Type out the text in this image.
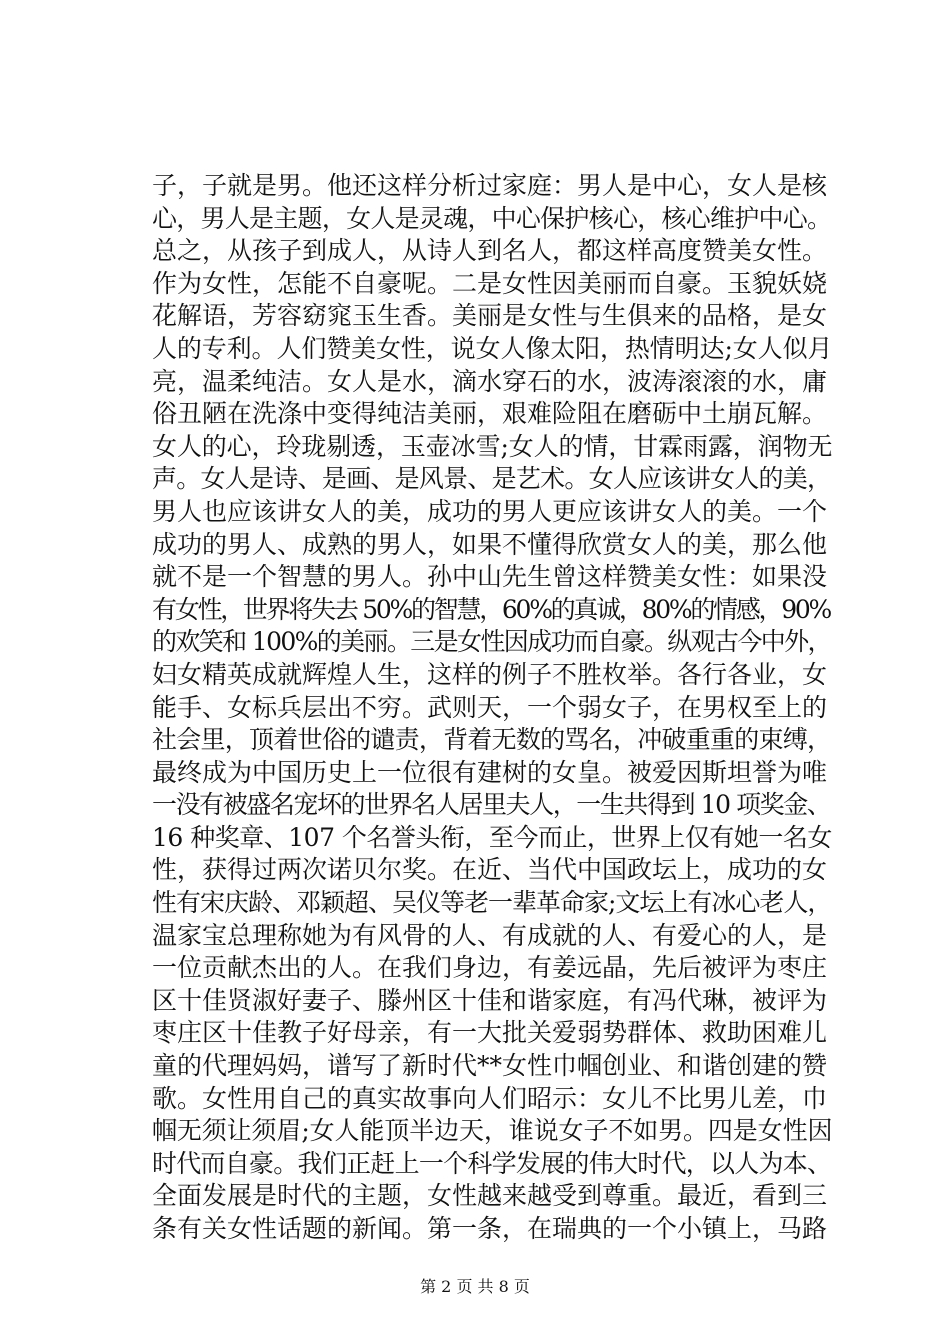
子，子就是男。他还这样分析过家庭：男人是中心，女人是核
心，男人是主题，女人是灵魂，中心保护核心，核心维护中心。
总之，从孩子到成人，从诗人到名人，都这样高度赞美女性。
作为女性，怎能不自豪呢。二是女性因美丽而自豪。玉貌妖娆
花解语，芳容窈窕玉生香。美丽是女性与生俱来的品格，是女
人的专利。人们赞美女性，说女人像太阳，热情明达;女人似月
亮，温柔纯洁。女人是水，滴水穿石的水，波涛滚滚的水，庸
俗丑陋在洗涤中变得纯洁美丽，艰难险阻在磨砺中土崩瓦解。
女人的心，玲珑剔透，玉壶冰雪;女人的情，甘霖雨露，润物无
声。女人是诗、是画、是风景、是艺术。女人应该讲女人的美，
男人也应该讲女人的美，成功的男人更应该讲女人的美。一个
成功的男人、成熟的男人，如果不懂得欣赏女人的美，那么他
就不是一个智慧的男人。孙中山先生曾这样赞美女性：如果没
有女性，世界将失去 50%的智慧，60%的真诚，80%的情感，90%
的欢笑和 100%的美丽。三是女性因成功而自豪。纵观古今中外，
妇女精英成就辉煌人生，这样的例子不胜枚举。各行各业，女
能手、女标兵层出不穷。武则天，一个弱女子，在男权至上的
社会里，顶着世俗的谴责，背着无数的骂名，冲破重重的束缚，
最终成为中国历史上一位很有建树的女皇。被爱因斯坦誉为唯
一没有被盛名宠坏的世界名人居里夫人，一生共得到 10 项奖金、
16 种奖章、107 个名誉头衔，至今而止，世界上仅有她一名女
性，获得过两次诺贝尔奖。在近、当代中国政坛上，成功的女
性有宋庆龄、邓颖超、吴仪等老一辈革命家;文坛上有冰心老人，
温家宝总理称她为有风骨的人、有成就的人、有爱心的人，是
一位贡献杰出的人。在我们身边，有姜远晶，先后被评为枣庄
区十佳贤淑好妻子、滕州区十佳和谐家庭，有冯代琳，被评为
枣庄区十佳教子好母亲，有一大批关爱弱势群体、救助困难儿
童的代理妈妈，谱写了新时代**女性巾帼创业、和谐创建的赞
歌。女性用自己的真实故事向人们昭示：女儿不比男儿差，巾
帼无须让须眉;女人能顶半边天，谁说女子不如男。四是女性因
时代而自豪。我们正赶上一个科学发展的伟大时代，以人为本、
全面发展是时代的主题，女性越来越受到尊重。最近，看到三
条有关女性话题的新闻。第一条，在瑞典的一个小镇上，马路
第 2 页 共 8 页
